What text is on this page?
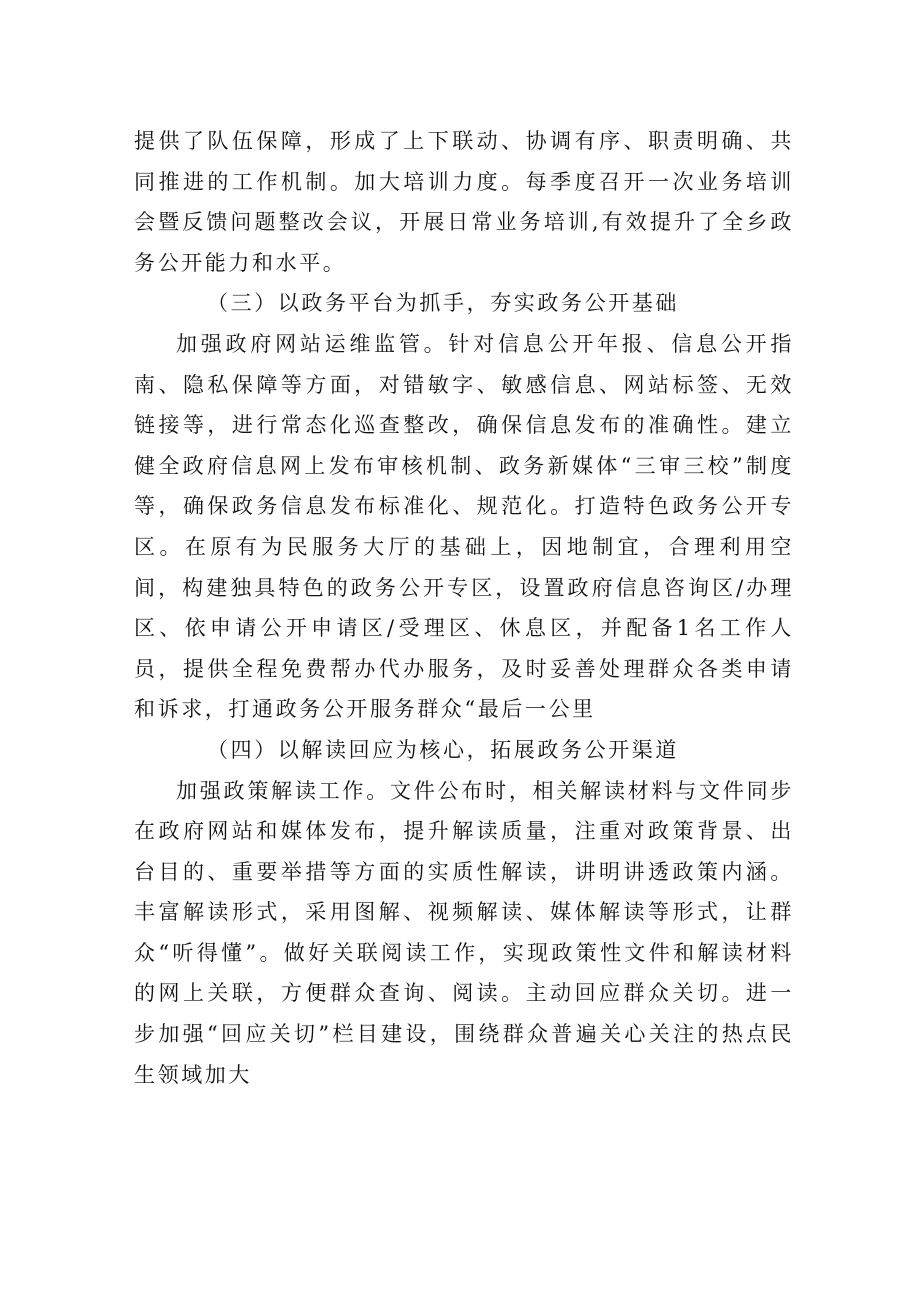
提供了队伍保障，形成了上下联动、协调有序、职责明确、共同推进的工作机制。加大培训力度。每季度召开一次业务培训会暨反馈问题整改会议，开展日常业务培训,有效提升了全乡政务公开能力和水平。

（三）以政务平台为抓手，夯实政务公开基础

加强政府网站运维监管。针对信息公开年报、信息公开指南、隐私保障等方面，对错敏字、敏感信息、网站标签、无效链接等，进行常态化巡查整改，确保信息发布的准确性。建立健全政府信息网上发布审核机制、政务新媒体“三审三校”制度等，确保政务信息发布标准化、规范化。打造特色政务公开专区。在原有为民服务大厅的基础上，因地制宜，合理利用空间，构建独具特色的政务公开专区，设置政府信息咨询区/办理区、依申请公开申请区/受理区、休息区，并配备1名工作人员，提供全程免费帮办代办服务，及时妥善处理群众各类申请和诉求，打通政务公开服务群众“最后一公里

（四）以解读回应为核心，拓展政务公开渠道

加强政策解读工作。文件公布时，相关解读材料与文件同步在政府网站和媒体发布，提升解读质量，注重对政策背景、出台目的、重要举措等方面的实质性解读，讲明讲透政策内涵。丰富解读形式，采用图解、视频解读、媒体解读等形式，让群众“听得懂”。做好关联阅读工作，实现政策性文件和解读材料的网上关联，方便群众查询、阅读。主动回应群众关切。进一步加强“回应关切”栏目建设，围绕群众普遍关心关注的热点民生领域加大
